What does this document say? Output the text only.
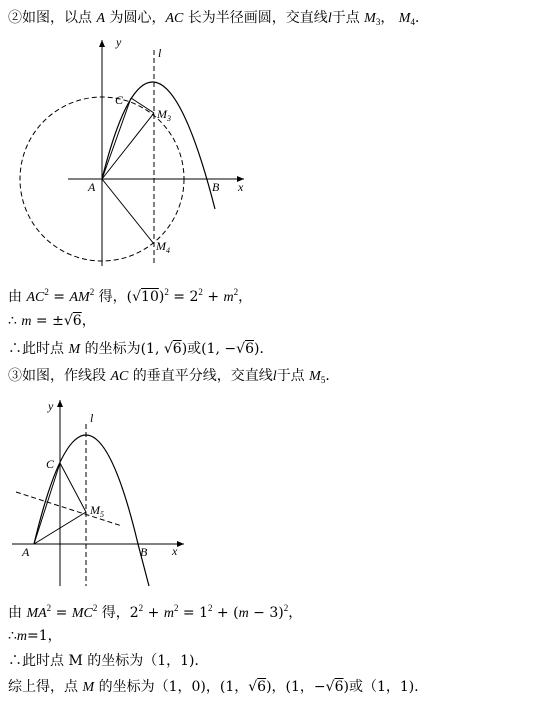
②如图，以点 A 为圆心，AC 长为半径画圆，交直线l于点 $M_3$， $M_4$．
y
l
x
C
$M_3$
A	B
$M_4$
由 $AC^2 = AM^2$ 得，$(√10)^2 = 2^2 + m^2$，
∴ m = ±√6，
∴此时点 M 的坐标为(1, √6)或(1, −√6)．
③如图，作线段 AC 的垂直平分线，交直线l于点 $M_5$．
y
l
x
C
$M_5$
A	B
由 $MA^2 = MC^2$ 得，$2^2 + m^2 = 1^2 + (m - 3)^2$，
∴m=1，
∴此时点 M 的坐标为（1，1)．
综上得，点 M 的坐标为（1，0)，(1，√6)，(1，−√6)或（1，1)．
